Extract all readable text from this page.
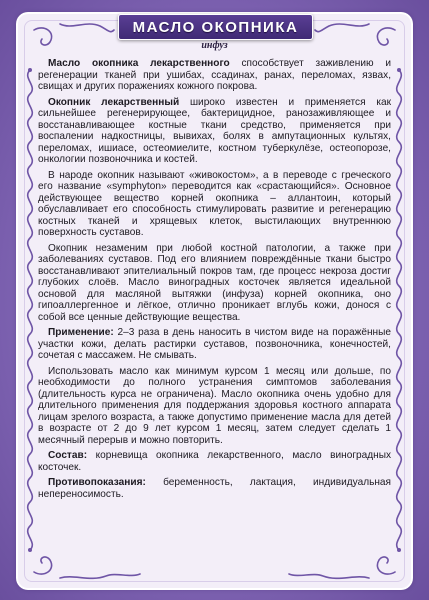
МАСЛО ОКОПНИКА
инфуз

Масло окопника лекарственного способствует заживлению и регенерации тканей при ушибах, ссадинах, ранах, переломах, язвах, свищах и других поражениях кожного покрова.

Окопник лекарственный широко известен и применяется как сильнейшее регенерирующее, бактерицидное, ранозаживляющее и восстанавливающее костные ткани средство, применяется при воспалении надкостницы, вывихах, болях в ампутационных культях, переломах, ишиасе, остеомиелите, костном туберкулёзе, остеопорозе, онкологии позвоночника и костей.

В народе окопник называют «живокостом», а в переводе с греческого его название «symphyton» переводится как «срастающийся». Основное действующее вещество корней окопника – аллантоин, который обуславливает его способность стимулировать развитие и регенерацию костных тканей и хрящевых клеток, выстилающих внутреннюю поверхность суставов.

Окопник незаменим при любой костной патологии, а также при заболеваниях суставов. Под его влиянием повреждённые ткани быстро восстанавливают эпителиальный покров там, где процесс некроза достиг глубоких слоёв. Масло виноградных косточек является идеальной основой для масляной вытяжки (инфуза) корней окопника, оно гипоаллергенное и лёгкое, отлично проникает вглубь кожи, донося с собой все ценные действующие вещества.

Применение: 2–3 раза в день наносить в чистом виде на поражённые участки кожи, делать растирки суставов, позвоночника, конечностей, сочетая с массажем. Не смывать.

Использовать масло как минимум курсом 1 месяц или дольше, по необходимости до полного устранения симптомов заболевания (длительность курса не ограничена). Масло окопника очень удобно для длительного применения для поддержания здоровья костного аппарата лицам зрелого возраста, а также допустимо применение масла для детей в возрасте от 2 до 9 лет курсом 1 месяц, затем следует сделать 1 месячный перерыв и можно повторить.

Состав: корневища окопника лекарственного, масло виноградных косточек.

Противопоказания: беременность, лактация, индивидуальная непереносимость.
